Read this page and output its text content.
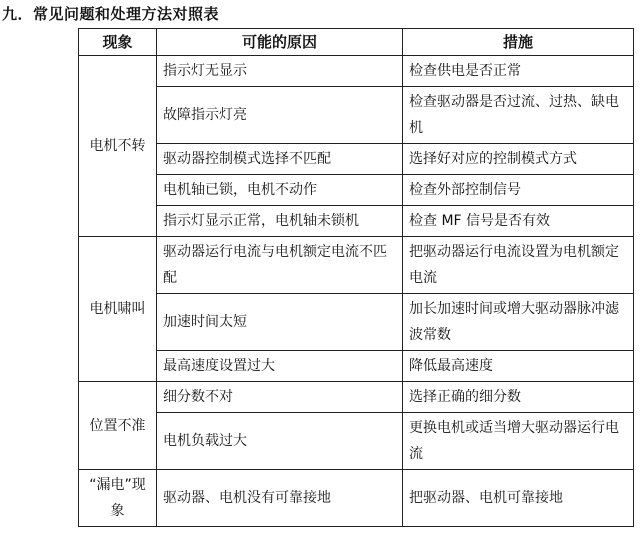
九．常见问题和处理方法对照表
现象	可能的原因	措施
电机不转	指示灯无显示	检查供电是否正常
	故障指示灯亮	检查驱动器是否过流、过热、缺电机
	驱动器控制模式选择不匹配	选择好对应的控制模式方式
	电机轴已锁，电机不动作	检查外部控制信号
	指示灯显示正常，电机轴未锁机	检查 MF 信号是否有效
电机啸叫	驱动器运行电流与电机额定电流不匹配	把驱动器运行电流设置为电机额定电流
	加速时间太短	加长加速时间或增大驱动器脉冲滤波常数
	最高速度设置过大	降低最高速度
位置不准	细分数不对	选择正确的细分数
	电机负载过大	更换电机或适当增大驱动器运行电流
“漏电”现象	驱动器、电机没有可靠接地	把驱动器、电机可靠接地
